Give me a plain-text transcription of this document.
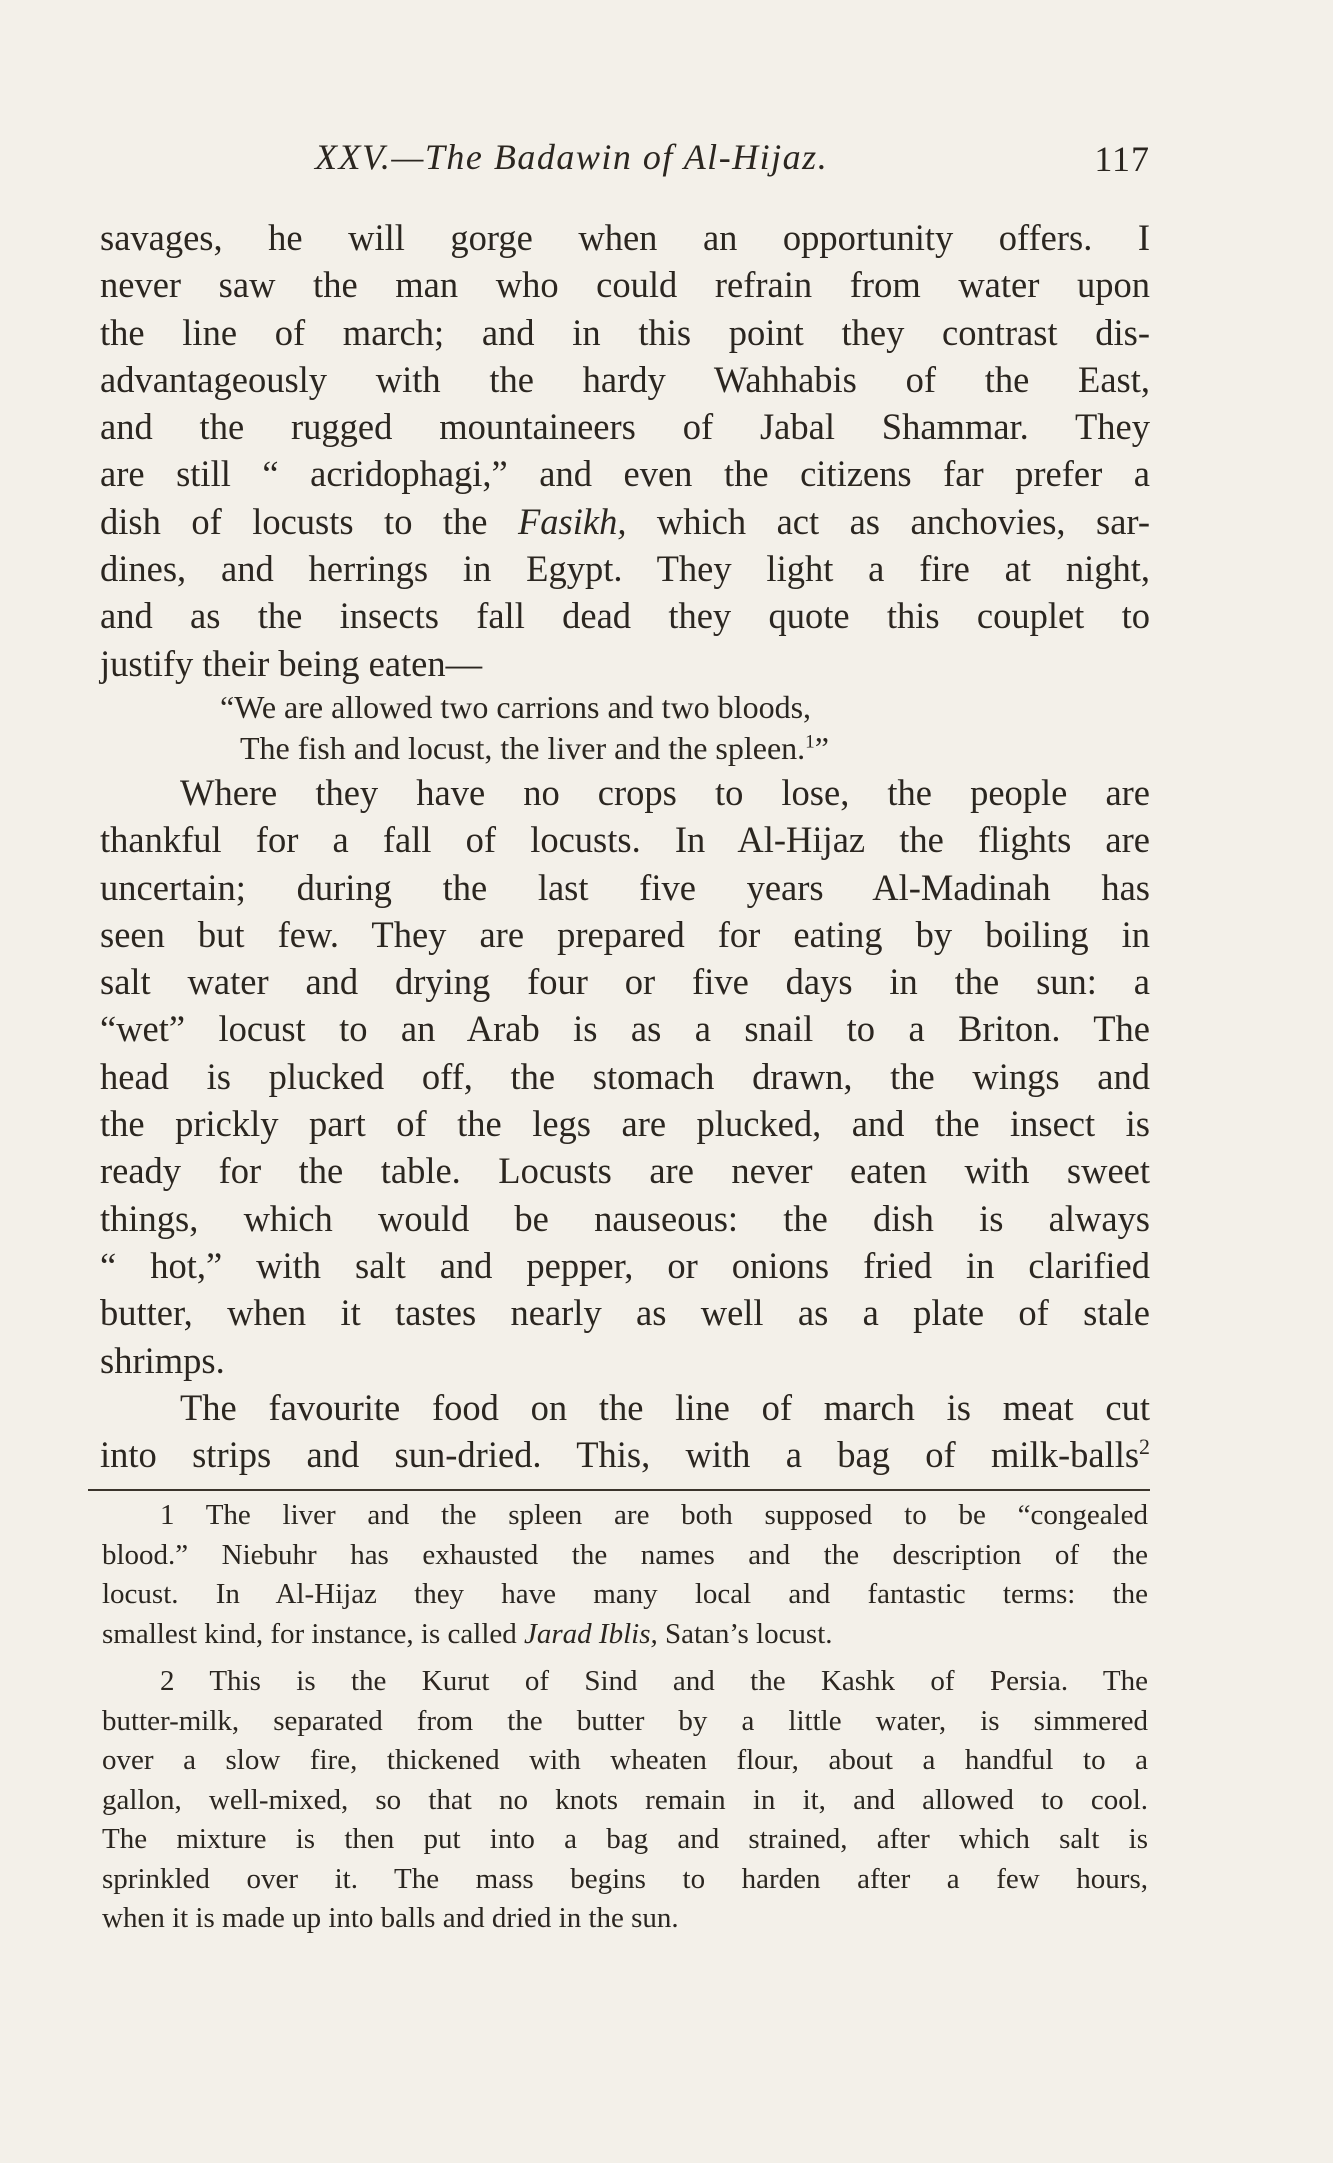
XXV.—The Badawin of Al-Hijaz.	117
savages, he will gorge when an opportunity offers. I
never saw the man who could refrain from water upon
the line of march; and in this point they contrast dis-
advantageously with the hardy Wahhabis of the East,
and the rugged mountaineers of Jabal Shammar. They
are still “ acridophagi,” and even the citizens far prefer a
dish of locusts to the Fasikh, which act as anchovies, sar-
dines, and herrings in Egypt. They light a fire at night,
and as the insects fall dead they quote this couplet to
justify their being eaten—
“We are allowed two carrions and two bloods,
The fish and locust, the liver and the spleen.$^1$”
Where they have no crops to lose, the people are
thankful for a fall of locusts. In Al-Hijaz the flights are
uncertain; during the last five years Al-Madinah has
seen but few. They are prepared for eating by boiling in
salt water and drying four or five days in the sun: a
“wet” locust to an Arab is as a snail to a Briton. The
head is plucked off, the stomach drawn, the wings and
the prickly part of the legs are plucked, and the insect is
ready for the table. Locusts are never eaten with sweet
things, which would be nauseous: the dish is always
“ hot,” with salt and pepper, or onions fried in clarified
butter, when it tastes nearly as well as a plate of stale
shrimps.
The favourite food on the line of march is meat cut
into strips and sun-dried. This, with a bag of milk-balls$^2$
1 The liver and the spleen are both supposed to be “congealed
blood.” Niebuhr has exhausted the names and the description of the
locust. In Al-Hijaz they have many local and fantastic terms: the
smallest kind, for instance, is called Jarad Iblis, Satan’s locust.
2 This is the Kurut of Sind and the Kashk of Persia. The
butter-milk, separated from the butter by a little water, is simmered
over a slow fire, thickened with wheaten flour, about a handful to a
gallon, well-mixed, so that no knots remain in it, and allowed to cool.
The mixture is then put into a bag and strained, after which salt is
sprinkled over it. The mass begins to harden after a few hours,
when it is made up into balls and dried in the sun.
